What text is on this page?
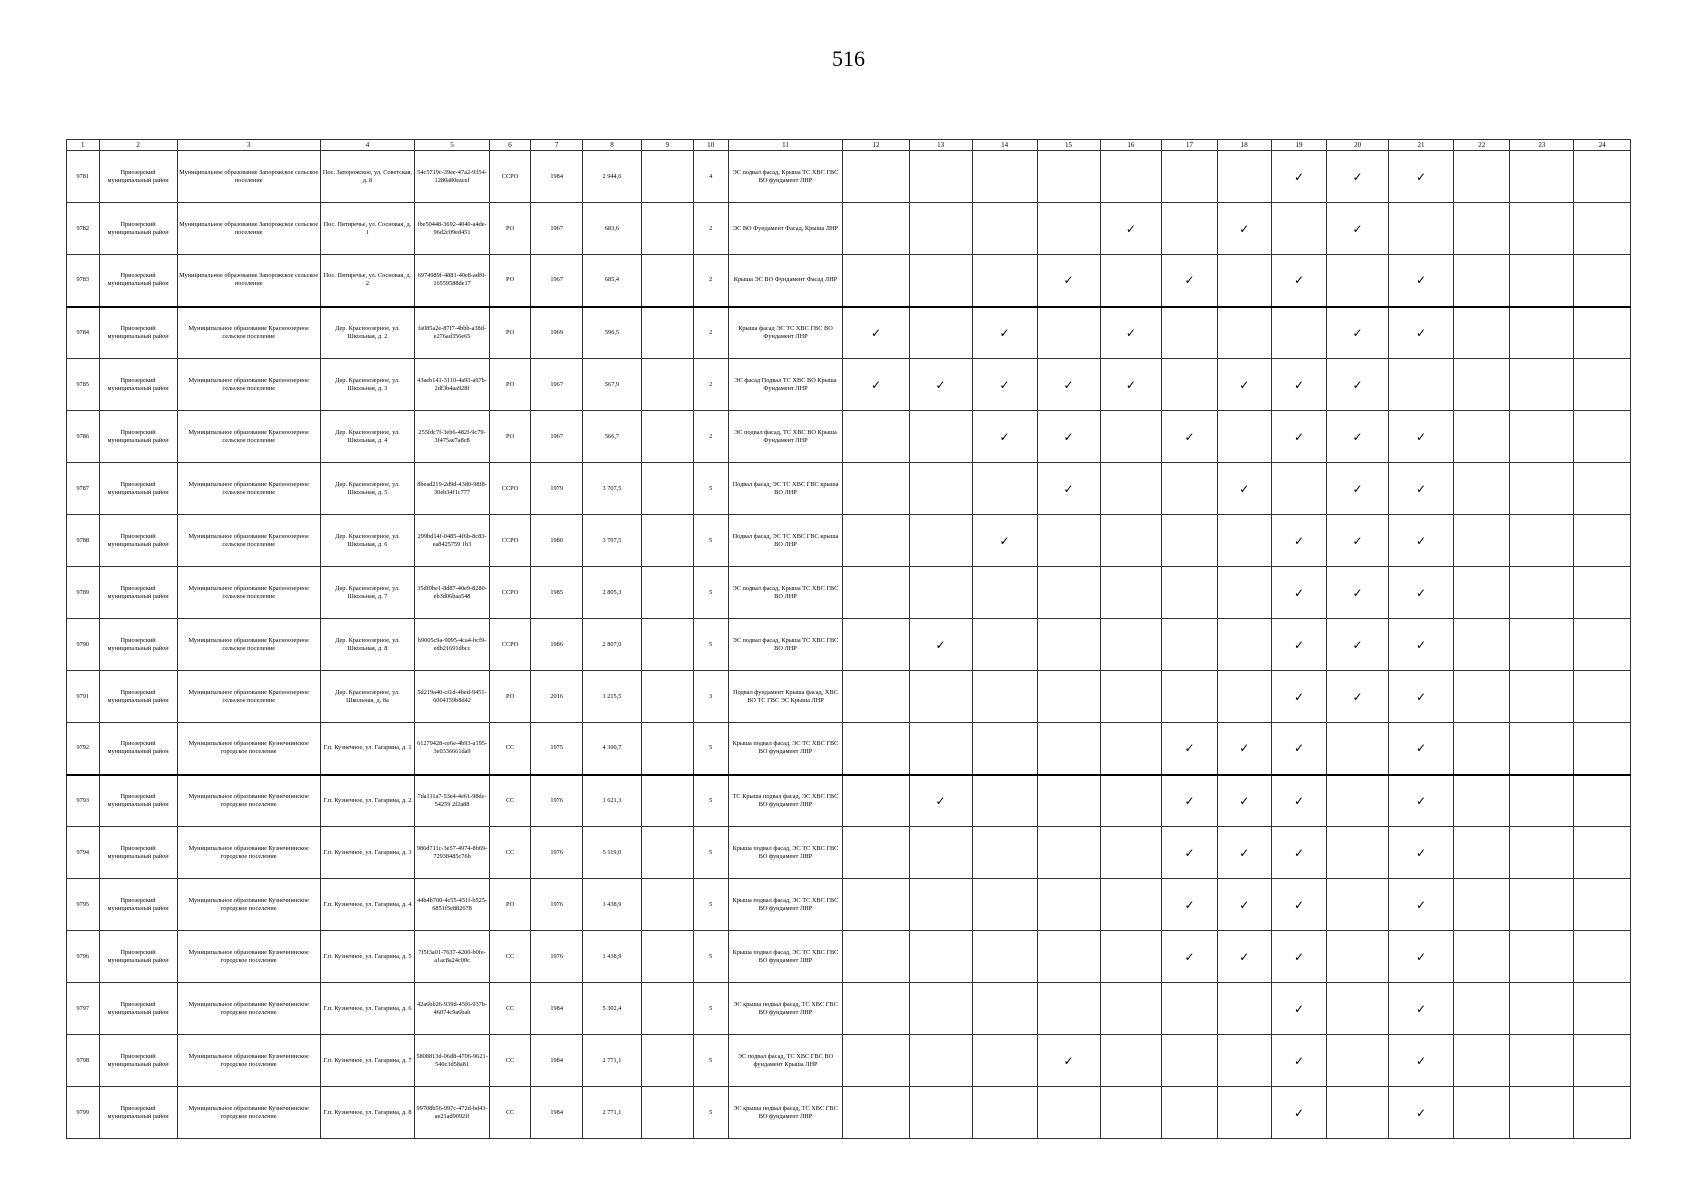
516
1	2	3	4	5	6	7	8	9	10	11	12	13	14	15	16	17	18	19	20	21	22	23	24
9781	Приозерский муниципальный район	Муниципальное образование Запорожское сельское поселение	Пос. Запорожское, ул. Советская, д. 8	54c5719c-39ee-47a2-9354-1280a80eacef	ССРО	1984	2 944,6		4	ЭС подвал фасад, Крыша ТС ХВС ГВС ВО фундамент ЛНР								✓	✓	✓			
9782	Приозерский муниципальный район	Муниципальное образование Запорожское сельское поселение	Пос. Пятиречье, ул. Сосновая, д. 1	fbe50448-3692-4040-a4de-96d2c09ed451	РО	1967	683,6		2	ЭС ВО Фундамент Фасад, Крыша ЛНР					✓		✓		✓				
9783	Приозерский муниципальный район	Муниципальное образование Запорожское сельское поселение	Пос. Пятиречье, ул. Сосновая, д. 2	6974989f-4881-40e8-adf0-16559588de17	РО	1967	685,4		2	Крыша ЭС ВО Фундамент Фасад ЛНР				✓		✓		✓		✓			
9784	Приозерский муниципальный район	Муниципальное образование Красноозерное сельское поселение	Дер. Красноозерное, ул. Школьная, д. 2	fa085a2e-87f7-4bbb-a38d-e276ad356e65	РО	1969	596,5		2	Крыша фасад ЭС ТС ХВС ГВС ВО Фундамент ЛНР	✓		✓		✓				✓	✓			
9785	Приозерский муниципальный район	Муниципальное образование Красноозерное сельское поселение	Дер. Красноозерное, ул. Школьная, д. 3	43aeb141-3110-4a93-a97b-2df3b4aa928f	РО	1967	567,9		2	ЭС фасад Подвал ТС ХВС ВО Крыша Фундамент ЛНР	✓	✓	✓	✓	✓		✓	✓	✓				
9786	Приозерский муниципальный район	Муниципальное образование Красноозерное сельское поселение	Дер. Красноозерное, ул. Школьная, д. 4	255fdc7f-3eb6-482f-9c79-3f475ae7a8c8	РО	1967	566,7		2	ЭС подвал фасад, ТС ХВС ВО Крыша Фундамент ЛНР			✓	✓		✓		✓	✓	✓			
9787	Приозерский муниципальный район	Муниципальное образование Красноозерное сельское поселение	Дер. Красноозерное, ул. Школьная, д. 5	8bead219-2d9d-43d0-98f8-30eb34f1c777	ССРО	1979	3 707,5		5	Подвал фасад, ЭС ТС ХВС ГВС крыша ВО ЛНР				✓			✓		✓	✓			
9788	Приозерский муниципальный район	Муниципальное образование Красноозерное сельское поселение	Дер. Красноозерное, ул. Школьная, д. 6	299bd14f-0485-4f6b-8c83-ea8425759 1b3	ССРО	1980	3 707,5		5	Подвал фасад, ЭС ТС ХВС ГВС крыша ВО ЛНР			✓					✓	✓	✓			
9789	Приозерский муниципальный район	Муниципальное образование Красноозерное сельское поселение	Дер. Красноозерное, ул. Школьная, д. 7	35df0be1-8d87-40e9-8280-eb3d06baa548	ССРО	1985	2 805,3		5	ЭС подвал фасад, Крыша ТС ХВС ГВС ВО ЛНР								✓	✓	✓			
9790	Приозерский муниципальный район	Муниципальное образование Красноозерное сельское поселение	Дер. Красноозерное, ул. Школьная, д. 8	b9005c9a-9095-4ca4-bcf9-edb21691dbcc	ССРО	1986	2 807,0		5	ЭС подвал фасад, Крыша ТС ХВС ГВС ВО ЛНР		✓						✓	✓	✓			
9791	Приозерский муниципальный район	Муниципальное образование Красноозерное сельское поселение	Дер. Красноозерное, ул. Школьная, д. 8а	5d219a40-cf1d-4bed-9451-6004159b8d42	РО	2016	1 215,5		3	Подвал фундамент Крыша фасад, ХВС ВО ТС ГВС ЭС Крыша ЛНР								✓	✓	✓			
9792	Приозерский муниципальный район	Муниципальное образование Кузнечнинское городское поселение	Г.п. Кузнечное, ул. Гагарина, д. 1	61279428-ce6e-4b93-a195-3e0336661da9	СС	1975	4 300,7		5	Крыша подвал фасад, ЭС ТС ХВС ГВС ВО фундамент ЛНР						✓	✓	✓		✓			
9793	Приозерский муниципальный район	Муниципальное образование Кузнечнинское городское поселение	Г.п. Кузнечное, ул. Гагарина, д. 2	7da111a7-53e4-4e61-98dc-54259 2f2a88	СС	1976	1 621,3		5	ТС Крыша подвал фасад, ЭС ХВС ГВС ВО фундамент ЛНР		✓				✓	✓	✓		✓			
9794	Приозерский муниципальный район	Муниципальное образование Кузнечнинское городское поселение	Г.п. Кузнечное, ул. Гагарина, д. 3	986d711c-3e57-4974-8b69-72938485c76b	СС	1976	5 119,0		5	Крыша подвал фасад, ЭС ТС ХВС ГВС ВО фундамент ЛНР						✓	✓	✓		✓			
9795	Приозерский муниципальный район	Муниципальное образование Кузнечнинское городское поселение	Г.п. Кузнечное, ул. Гагарина, д. 4	44b4b700-4c55-451f-b525-6851f5e882678	РО	1976	1 438,9		5	Крыша подвал фасад, ЭС ТС ХВС ГВС ВО фундамент ЛНР						✓	✓	✓		✓			
9796	Приозерский муниципальный район	Муниципальное образование Кузнечнинское городское поселение	Г.п. Кузнечное, ул. Гагарина, д. 5	7f5f3a01-7637-4200-b0fe-a1ac8a24c00c	СС	1976	1 438,9		5	Крыша подвал фасад, ЭС ТС ХВС ГВС ВО фундамент ЛНР						✓	✓	✓		✓			
9797	Приозерский муниципальный район	Муниципальное образование Кузнечнинское городское поселение	Г.п. Кузнечное, ул. Гагарина, д. 6	42a6bb26-939d-45f6-937b-46074c9a6bab	СС	1984	5 302,4		5	ЭС крыша подвал фасад, ТС ХВС ГВС ВО фундамент ЛНР								✓		✓			
9798	Приозерский муниципальный район	Муниципальное образование Кузнечнинское городское поселение	Г.п. Кузнечное, ул. Гагарина, д. 7	5808813d-06d8-4706-9621-540c3d58a81	СС	1984	2 771,1		5	ЭС подвал фасад, ТС ХВС ГВС ВО фундамент Крыша ЛНР				✓				✓		✓			
9799	Приозерский муниципальный район	Муниципальное образование Кузнечнинское городское поселение	Г.п. Кузнечное, ул. Гагарина, д. 8	99708b56-997c-472d-bd43-ae21ad9092ff	СС	1984	2 771,1		5	ЭС крыша подвал фасад, ТС ХВС ГВС ВО фундамент ЛНР								✓		✓			
